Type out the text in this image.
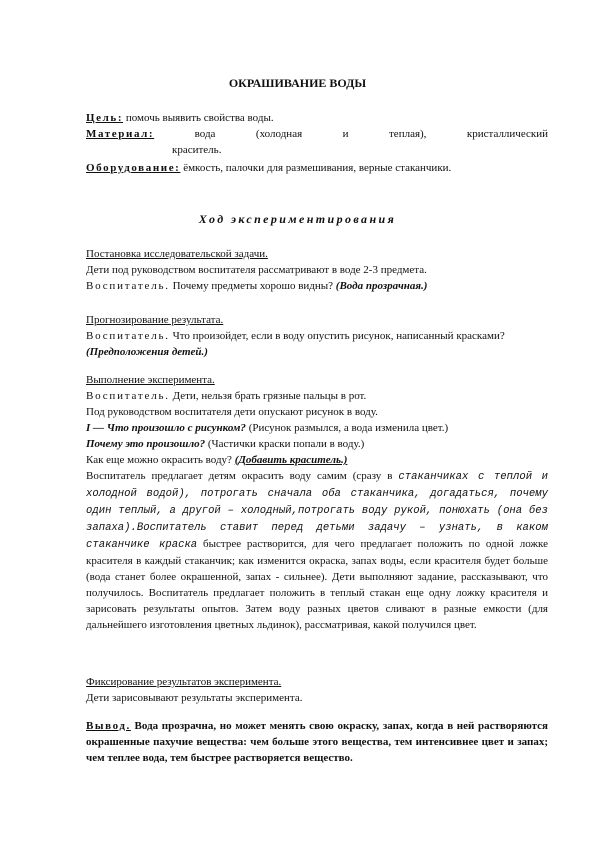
ОКРАШИВАНИЕ ВОДЫ

Цель: помочь выявить свойства воды.

Материал: вода (холодная и теплая), кристаллический

краситель.

Оборудование: ёмкость, палочки для размешивания, верные стаканчики.

Ход экспериментирования

Постановка исследовательской задачи.

Дети под руководством воспитателя рассматривают в воде 2-3 предмета.

Воспитатель. Почему предметы хорошо видны? (Вода прозрачная.)

Прогнозирование результата.

Воспитатель. Что произойдет, если в воду опустить рисунок, написанный красками? (Предположения детей.)

Выполнение эксперимента.

Воспитатель. Дети, нельзя брать грязные пальцы в рот.

Под руководством воспитателя дети опускают рисунок в воду.

I — Что произошло с рисунком? (Рисунок размылся, а вода изменила цвет.)

Почему это произошло? (Частички краски попали в воду.)

Как еще можно окрасить воду? (Добавить краситель.)

Воспитатель предлагает детям окрасить воду самим (сразу в стаканчиках с теплой и холодной водой), потрогать сначала оба стаканчика, догадаться, почему один теплый, а другой – холодный,потрогать воду рукой, понюхать (она без запаха).Воспитатель ставит перед детьми задачу – узнать, в каком стаканчике краска быстрее растворится, для чего предлагает положить по одной ложке красителя в каждый стаканчик; как изменится окраска, запах воды, если красителя будет больше (вода станет более окрашенной, запах - сильнее). Дети выполняют задание, рассказывают, что получилось. Воспитатель предлагает положить в теплый стакан еще одну ложку красителя и зарисовать результаты опытов. Затем воду разных цветов сливают в разные емкости (для дальнейшего изготовления цветных льдинок), рассматривая, какой получился цвет.

Фиксирование результатов эксперимента.

Дети зарисовывают результаты эксперимента.

Вывод. Вода прозрачна, но может менять свою окраску, запах, когда в ней растворяются окрашенные пахучие вещества: чем больше этого вещества, тем интенсивнее цвет и запах; чем теплее вода, тем быстрее растворяется вещество.
